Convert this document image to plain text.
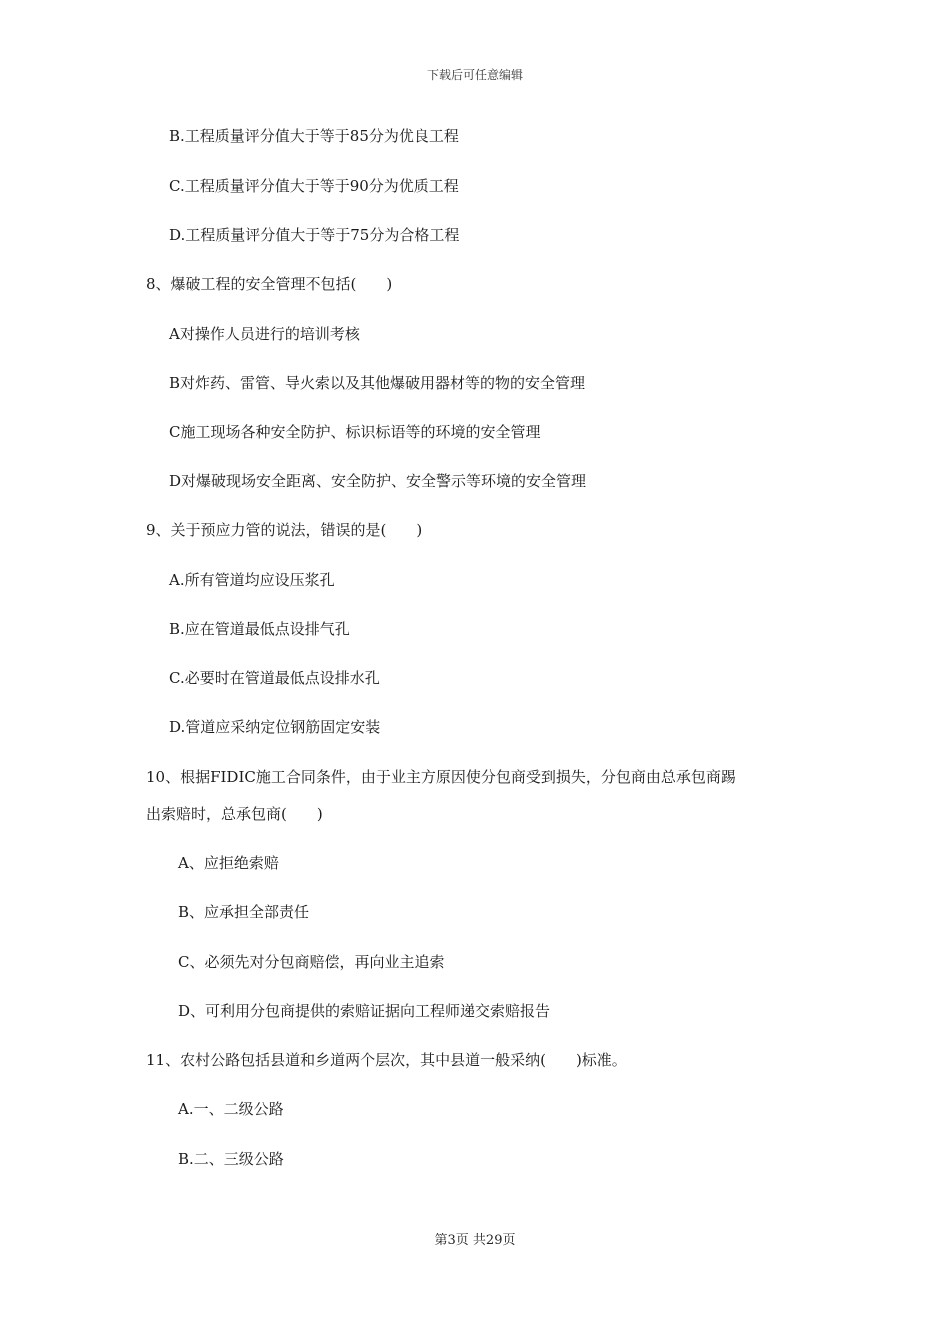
下载后可任意编辑
B.工程质量评分值大于等于85分为优良工程
C.工程质量评分值大于等于90分为优质工程
D.工程质量评分值大于等于75分为合格工程
8、爆破工程的安全管理不包括(　　)
A对操作人员进行的培训考核
B对炸药、雷管、导火索以及其他爆破用器材等的物的安全管理
C施工现场各种安全防护、标识标语等的环境的安全管理
D对爆破现场安全距离、安全防护、安全警示等环境的安全管理
9、关于预应力管的说法，错误的是(　　)
A.所有管道均应设压浆孔
B.应在管道最低点设排气孔
C.必要时在管道最低点设排水孔
D.管道应采纳定位钢筋固定安装
10、根据FIDIC施工合同条件，由于业主方原因使分包商受到损失，分包商由总承包商踢
出索赔时，总承包商(　　)
A、应拒绝索赔
B、应承担全部责任
C、必须先对分包商赔偿，再向业主追索
D、可利用分包商提供的索赔证据向工程师递交索赔报告
11、农村公路包括县道和乡道两个层次，其中县道一般采纳(　　)标准。
A.一、二级公路
B.二、三级公路
第3页 共29页
